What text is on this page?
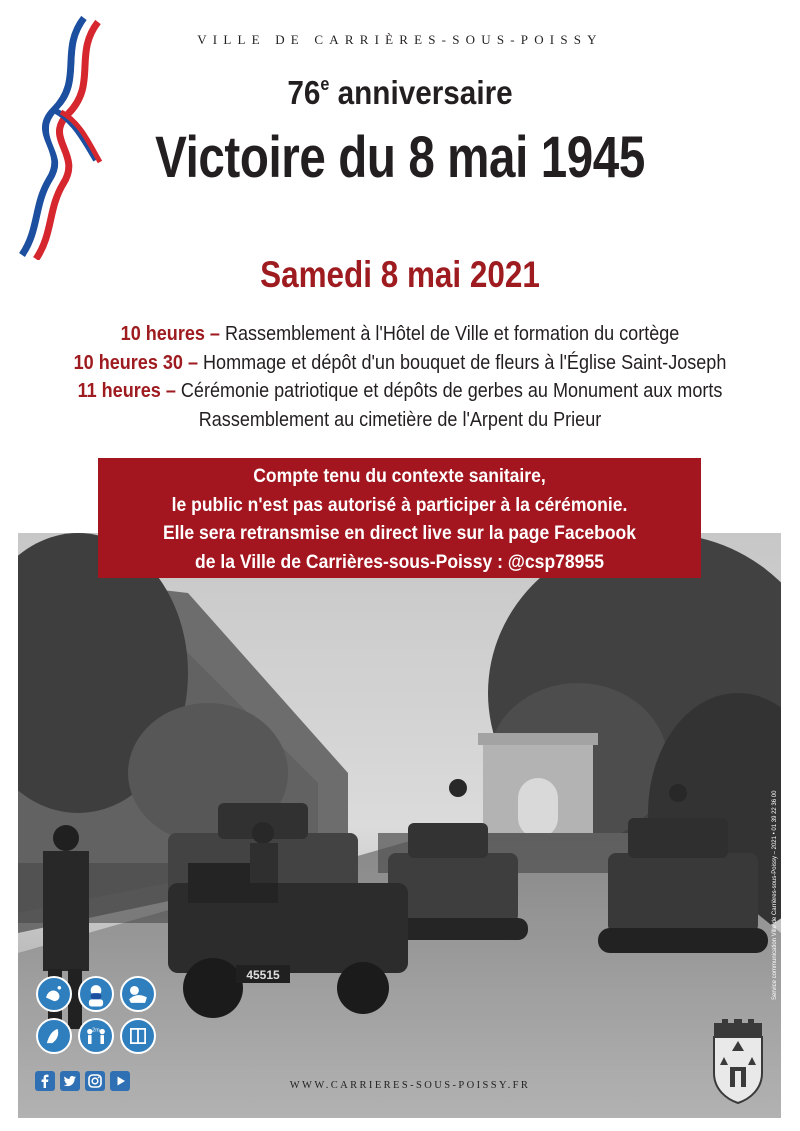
VILLE DE CARRIÈRES-SOUS-POISSY
76e anniversaire
Victoire du 8 mai 1945
Samedi 8 mai 2021
10 heures – Rassemblement à l'Hôtel de Ville et formation du cortège
10 heures 30 – Hommage et dépôt d'un bouquet de fleurs à l'Église Saint-Joseph
11 heures – Cérémonie patriotique et dépôts de gerbes au Monument aux morts
Rassemblement au cimetière de l'Arpent du Prieur
Compte tenu du contexte sanitaire,
le public n'est pas autorisé à participer à la cérémonie.
Elle sera retransmise en direct live sur la page Facebook
de la Ville de Carrières-sous-Poissy : @csp78955
45515	Service communication Ville de Carrières-sous-Poissy – 2021 • 01 39 22 36 00
2m
WWW.CARRIERES-SOUS-POISSY.FR
